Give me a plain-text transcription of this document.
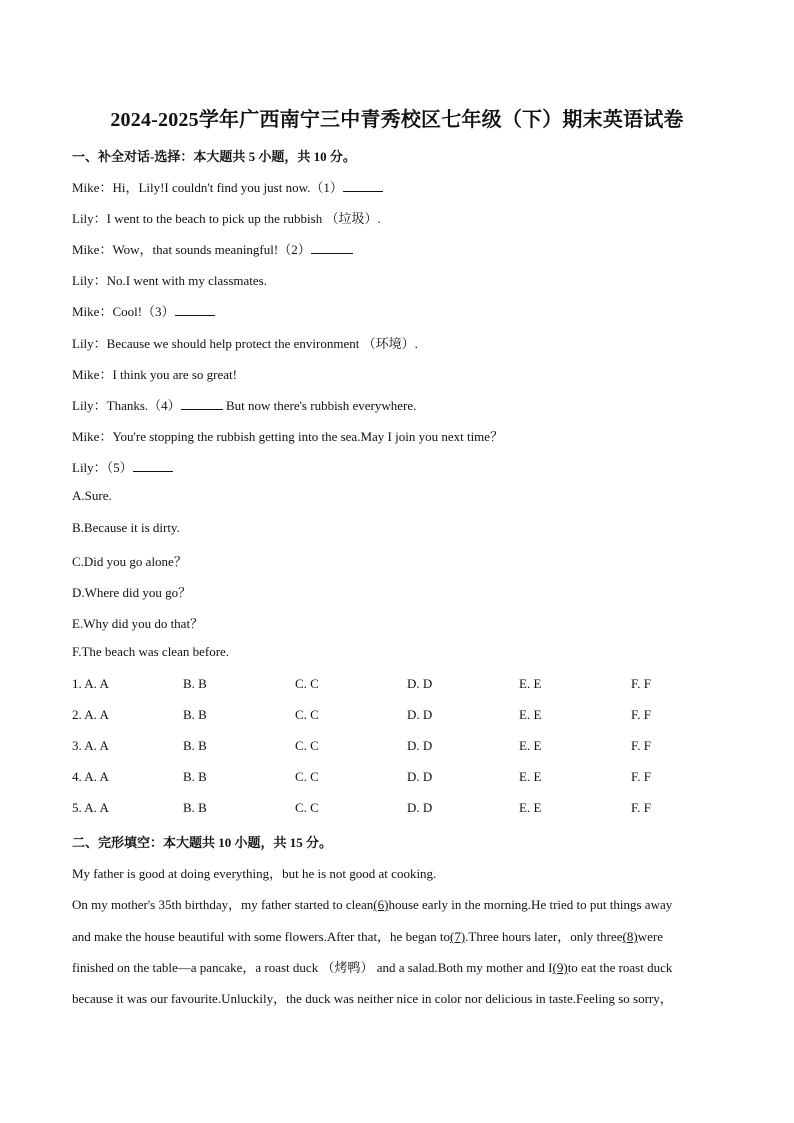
2024-2025学年广西南宁三中青秀校区七年级（下）期末英语试卷
一、补全对话-选择：本大题共 5 小题，共 10 分。
Mike：Hi，Lily!I couldn't find you just now.（1）
Lily：I went to the beach to pick up the rubbish （垃圾）.
Mike：Wow，that sounds meaningful!（2）
Lily：No.I went with my classmates.
Mike：Cool!（3）
Lily：Because we should help protect the environment （环境）.
Mike：I think you are so great!
Lily：Thanks.（4）	But now there's rubbish everywhere.
Mike：You're stopping the rubbish getting into the sea.May I join you next time？
Lily：（5）
A.Sure.
B.Because it is dirty.
C.Did you go alone？
D.Where did you go？
E.Why did you do that？
F.The beach was clean before.
1. A. A	B. B	C. C	D. D	E. E	F. F
2. A. A	B. B	C. C	D. D	E. E	F. F
3. A. A	B. B	C. C	D. D	E. E	F. F
4. A. A	B. B	C. C	D. D	E. E	F. F
5. A. A	B. B	C. C	D. D	E. E	F. F
二、完形填空：本大题共 10 小题，共 15 分。
My father is good at doing everything，but he is not good at cooking.
On my mother's 35th birthday，my father started to clean(6)house early in the morning.He tried to put things away
and make the house beautiful with some flowers.After that，he began to(7).Three hours later，only three(8)were
finished on the table—a pancake，a roast duck （烤鸭） and a salad.Both my mother and I(9)to eat the roast duck
because it was our favourite.Unluckily，the duck was neither nice in color nor delicious in taste.Feeling so sorry，
